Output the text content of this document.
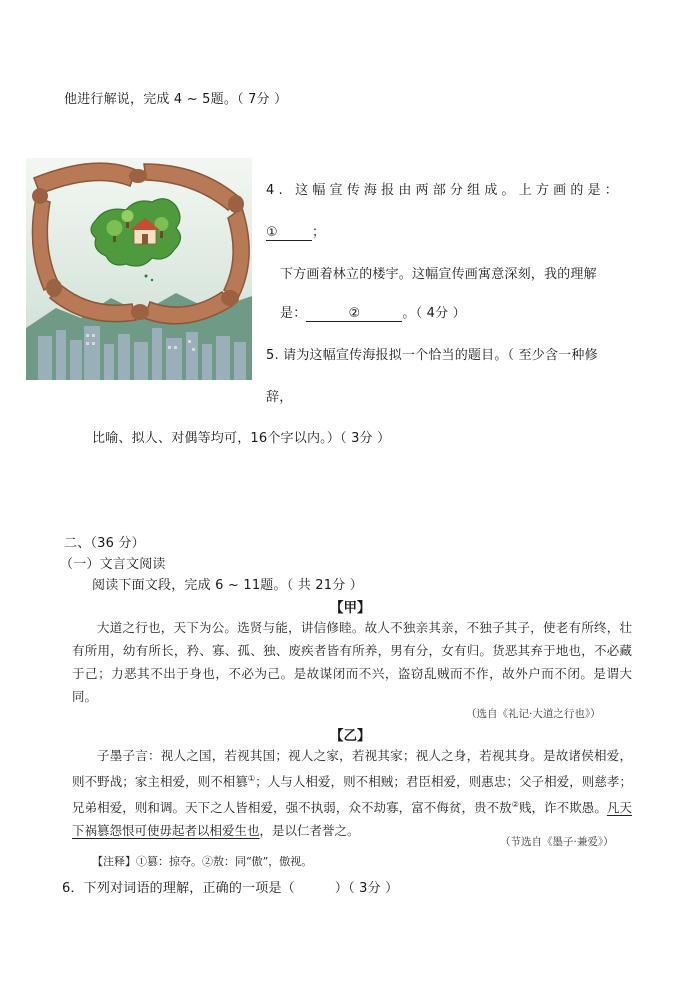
他进行解说，完成 4 ~ 5题。（ 7分 ）
4. 这幅宣传海报由两部分组成。上方画的是：
①	；
下方画着林立的楼宇。这幅宣传画寓意深刻，我的理解
是：	②	。（ 4分 ）
5. 请为这幅宣传海报拟一个恰当的题目。（ 至少含一种修
辞，
比喻、拟人、对偶等均可，16个字以内。）（ 3分 ）
二、（36 分）
（一）文言文阅读
阅读下面文段，完成 6 ~ 11题。（ 共 21分 ）
【甲】
大道之行也，天下为公。选贤与能，讲信修睦。故人不独亲其亲，不独子其子，使老有所终，壮有所用，幼有所长，矜、寡、孤、独、废疾者皆有所养，男有分，女有归。货恶其弃于地也，不必藏于己；力恶其不出于身也，不必为己。是故谋闭而不兴，盗窃乱贼而不作，故外户而不闭。是谓大同。
（选自《礼记·大道之行也》）
【乙】
子墨子言：视人之国，若视其国；视人之家，若视其家；视人之身，若视其身。是故诸侯相爱，则不野战；家主相爱，则不相篡①；人与人相爱，则不相贼；君臣相爱，则惠忠；父子相爱，则慈孝；兄弟相爱，则和调。天下之人皆相爱，强不执弱，众不劫寡，富不侮贫，贵不敖②贱，诈不欺愚。凡天下祸篡怨恨可使毋起者以相爱生也，是以仁者誉之。
（节选自《墨子·兼爱》）
【注释】①篡：掠夺。②敖：同“傲”，傲视。
6．下列对词语的理解，正确的一项是（	）（ 3分 ）
